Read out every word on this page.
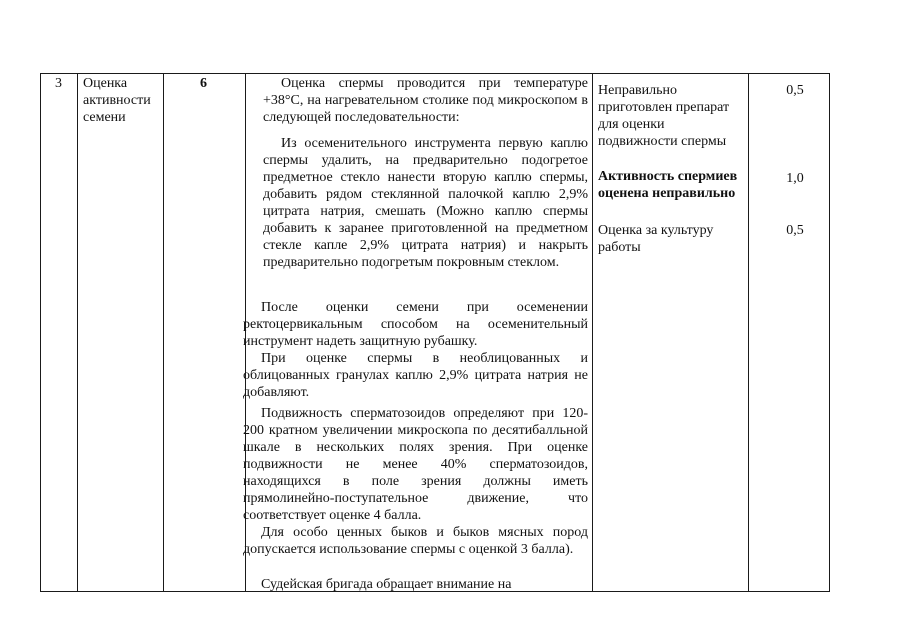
3	Оценка активности семени
6	Оценка спермы проводится при температуре +38°С, на нагревательном столике под микроскопом в следующей последовательности:
Из осеменительного инструмента первую каплю спермы удалить, на предварительно подогретое предметное стекло нанести вторую каплю спермы, добавить рядом стеклянной палочкой каплю 2,9% цитрата натрия, смешать (Можно каплю спермы добавить к заранее приготовленной на предметном стекле капле 2,9% цитрата натрия) и накрыть предварительно подогретым покровным стеклом.
После оценки семени при осеменении ректоцервикальным способом на осеменительный инструмент надеть защитную рубашку.
При оценке спермы в необлицованных и облицованных гранулах каплю 2,9% цитрата натрия не добавляют.
Подвижность сперматозоидов определяют при 120-200 кратном увеличении микроскопа по десятибалльной шкале в нескольких полях зрения. При оценке подвижности не менее 40% сперматозоидов, находящихся в поле зрения должны иметь прямолинейно-поступательное движение, что соответствует оценке 4 балла.
Для особо ценных быков и быков мясных пород допускается использование спермы с оценкой 3 балла).
Судейская бригада обращает внимание на
Неправильно приготовлен препарат для оценки подвижности спермы
Активность спермиев оценена неправильно
Оценка за культуру работы
0,5
1,0
0,5
